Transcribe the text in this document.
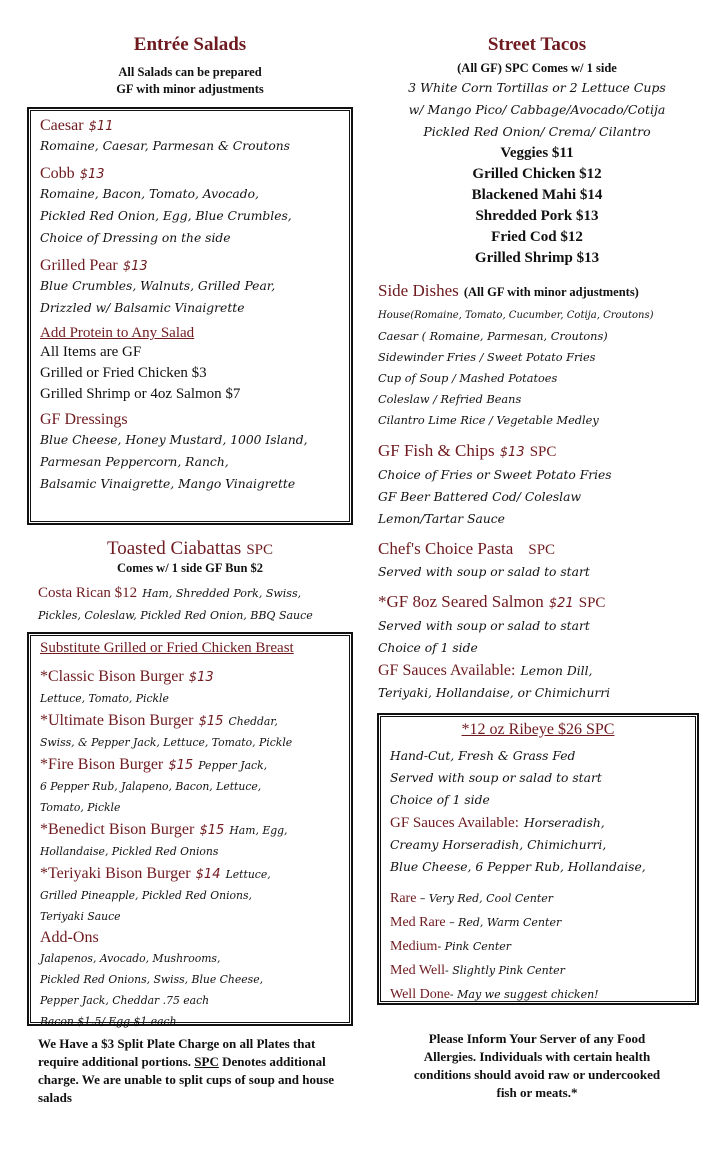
Entrée Salads
All Salads can be prepared
GF with minor adjustments
Caesar $11
Romaine, Caesar, Parmesan & Croutons
Cobb $13
Romaine, Bacon, Tomato, Avocado,
Pickled Red Onion, Egg, Blue Crumbles,
Choice of Dressing on the side
Grilled Pear $13
Blue Crumbles, Walnuts, Grilled Pear,
Drizzled w/ Balsamic Vinaigrette
Add Protein to Any Salad
All Items are GF
Grilled or Fried Chicken $3
Grilled Shrimp or 4oz Salmon $7
GF Dressings
Blue Cheese, Honey Mustard, 1000 Island,
Parmesan Peppercorn, Ranch,
Balsamic Vinaigrette, Mango Vinaigrette
Toasted Ciabattas SPC
Comes w/ 1 side GF Bun $2
Costa Rican $12 Ham, Shredded Pork, Swiss,
Pickles, Coleslaw, Pickled Red Onion, BBQ Sauce
Substitute Grilled or Fried Chicken Breast
*Classic Bison Burger $13
Lettuce, Tomato, Pickle
*Ultimate Bison Burger $15 Cheddar,
Swiss, & Pepper Jack, Lettuce, Tomato, Pickle
*Fire Bison Burger $15 Pepper Jack,
6 Pepper Rub, Jalapeno, Bacon, Lettuce,
Tomato, Pickle
*Benedict Bison Burger $15 Ham, Egg,
Hollandaise, Pickled Red Onions
*Teriyaki Bison Burger $14 Lettuce,
Grilled Pineapple, Pickled Red Onions,
Teriyaki Sauce
Add-Ons
Jalapenos, Avocado, Mushrooms,
Pickled Red Onions, Swiss, Blue Cheese,
Pepper Jack, Cheddar .75 each
Bacon $1.5/ Egg $1 each
We Have a $3 Split Plate Charge on all Plates that require additional portions. SPC Denotes additional charge. We are unable to split cups of soup and house salads
Street Tacos
(All GF) SPC Comes w/ 1 side
3 White Corn Tortillas or 2 Lettuce Cups
w/ Mango Pico/ Cabbage/Avocado/Cotija
Pickled Red Onion/ Crema/ Cilantro
Veggies $11
Grilled Chicken $12
Blackened Mahi $14
Shredded Pork $13
Fried Cod $12
Grilled Shrimp $13
Side Dishes (All GF with minor adjustments)
House(Romaine, Tomato, Cucumber, Cotija, Croutons)
Caesar ( Romaine, Parmesan, Croutons)
Sidewinder Fries / Sweet Potato Fries
Cup of Soup / Mashed Potatoes
Coleslaw / Refried Beans
Cilantro Lime Rice / Vegetable Medley
GF Fish & Chips $13 SPC
Choice of Fries or Sweet Potato Fries
GF Beer Battered Cod/ Coleslaw
Lemon/Tartar Sauce
Chef's Choice Pasta SPC
Served with soup or salad to start
*GF 8oz Seared Salmon $21 SPC
Served with soup or salad to start
Choice of 1 side
GF Sauces Available: Lemon Dill,
Teriyaki, Hollandaise, or Chimichurri
*12 oz Ribeye $26 SPC
Hand-Cut, Fresh & Grass Fed
Served with soup or salad to start
Choice of 1 side
GF Sauces Available: Horseradish,
Creamy Horseradish, Chimichurri,
Blue Cheese, 6 Pepper Rub, Hollandaise,
Rare – Very Red, Cool Center
Med Rare – Red, Warm Center
Medium- Pink Center
Med Well- Slightly Pink Center
Well Done- May we suggest chicken!
Please Inform Your Server of any Food
Allergies. Individuals with certain health
conditions should avoid raw or undercooked
fish or meats.*
